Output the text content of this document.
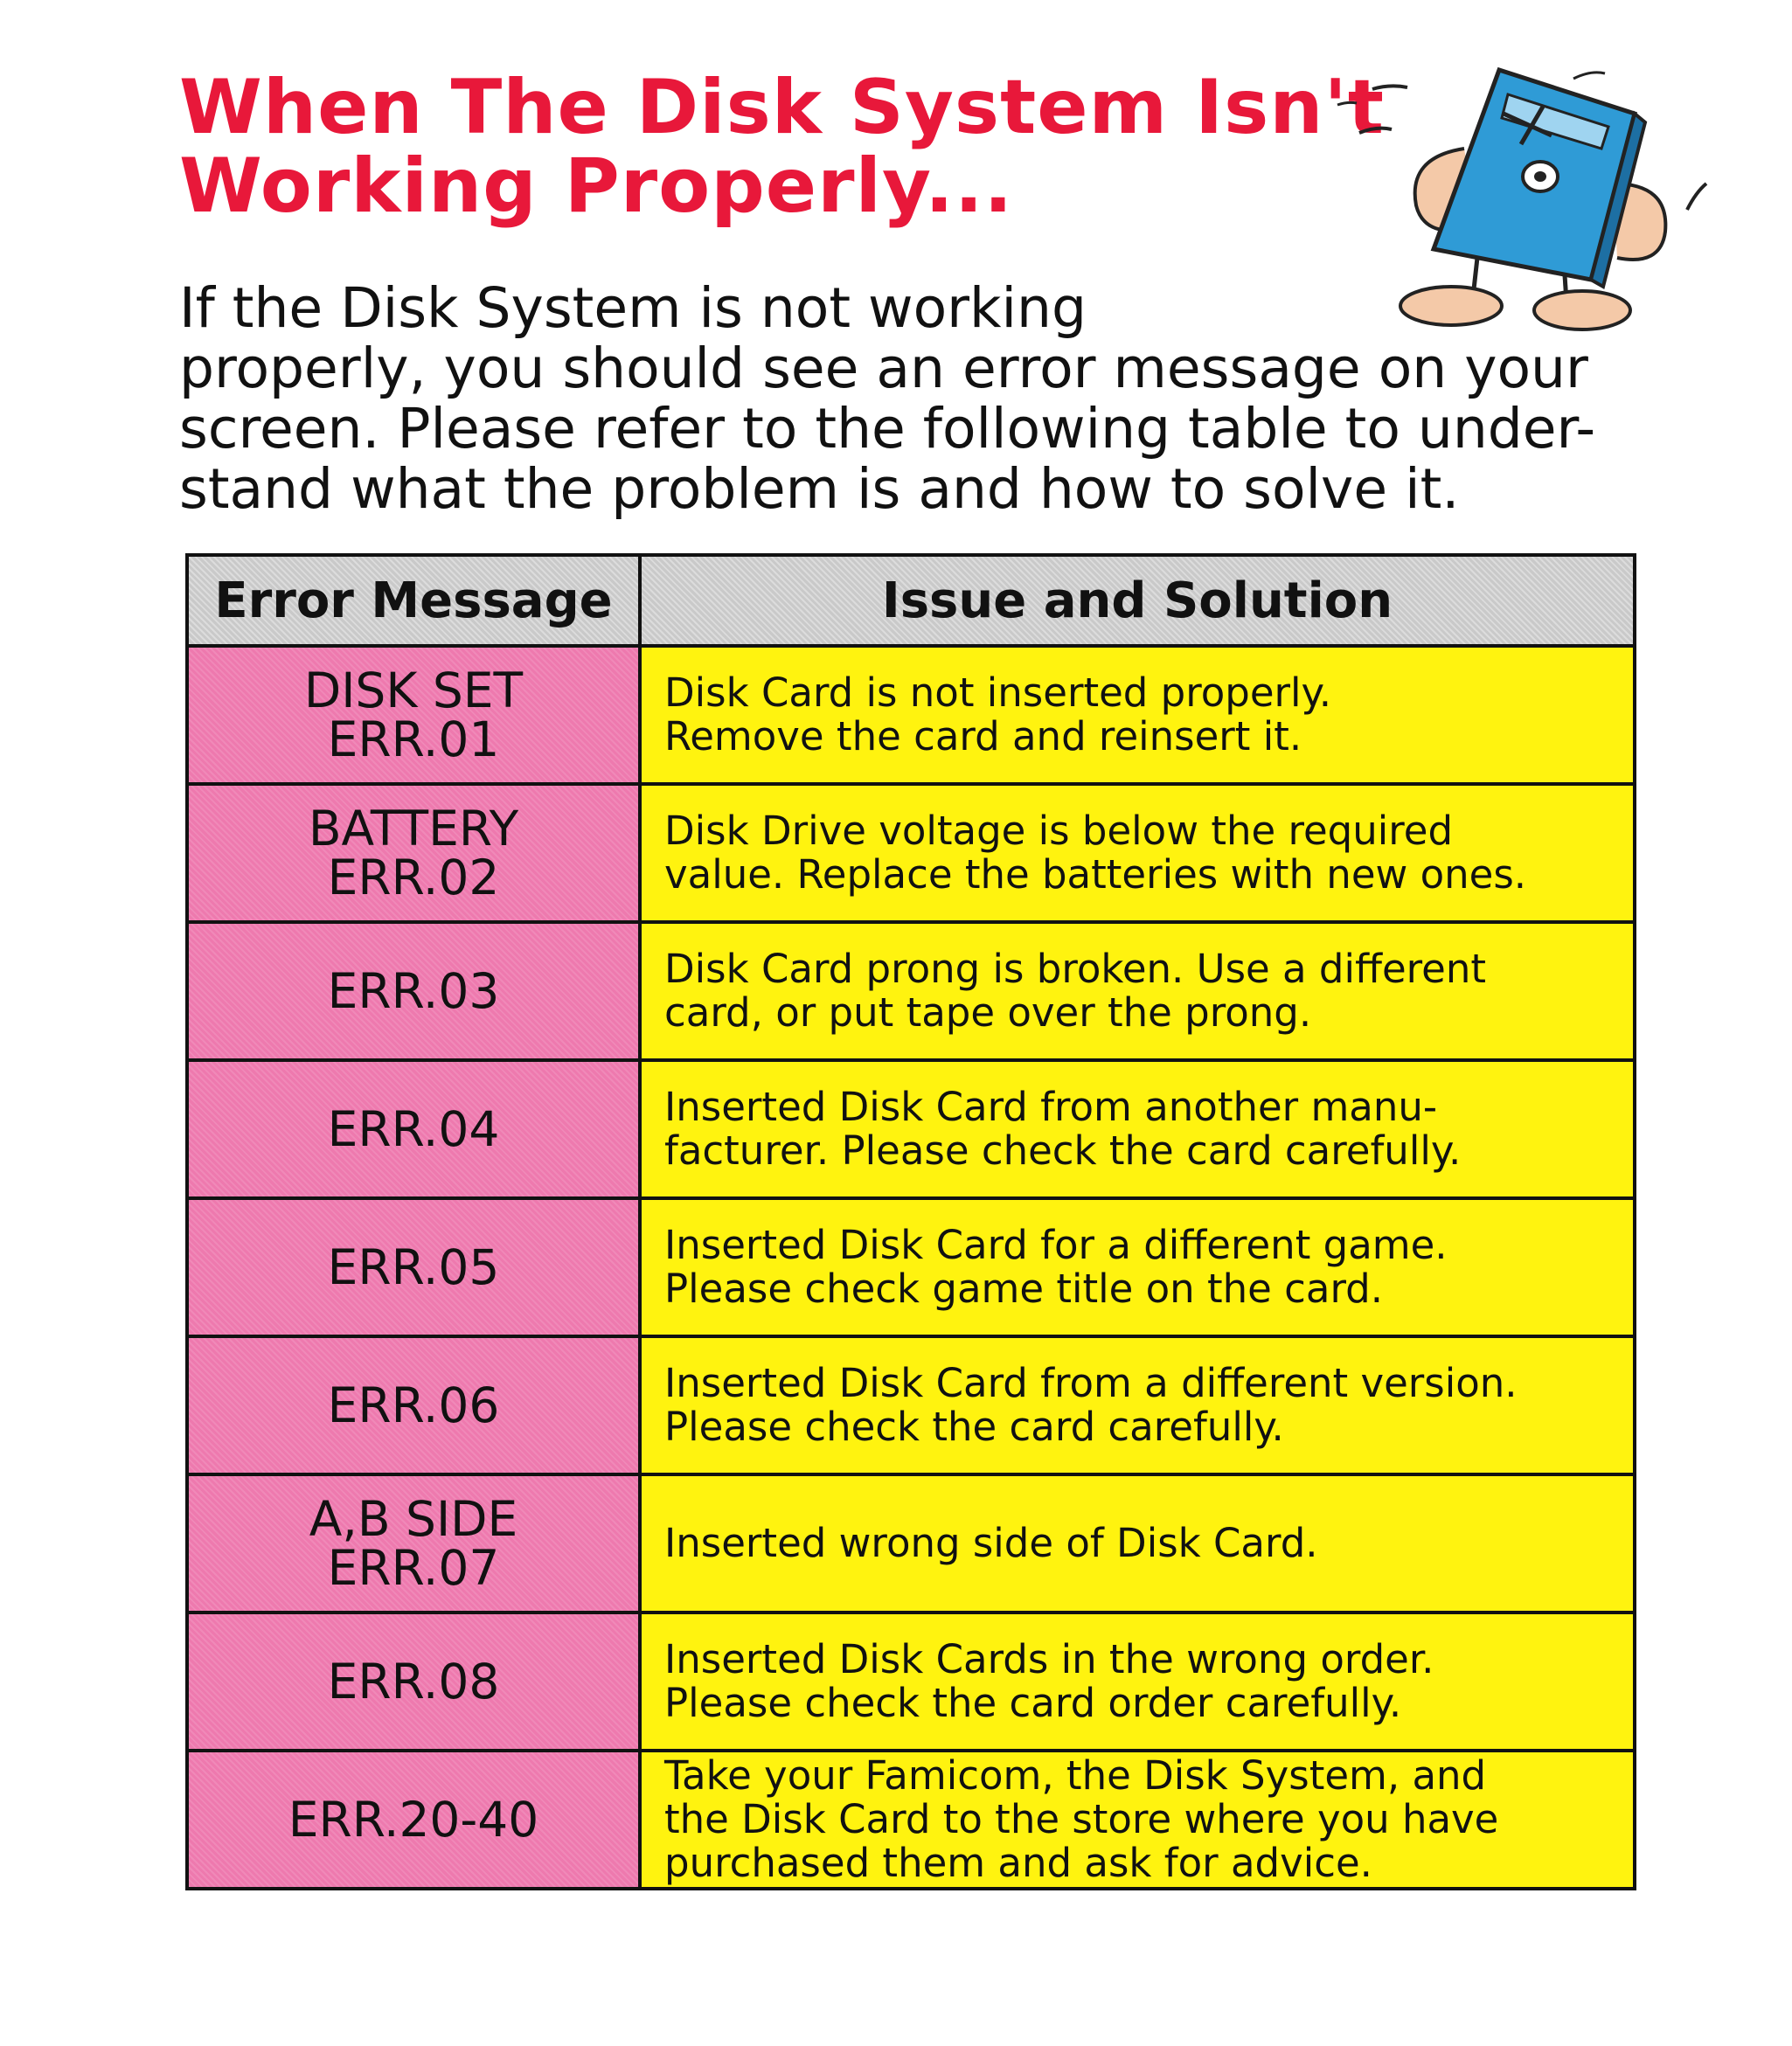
When The Disk System Isn't
Working Properly...

If the Disk System is not working
properly, you should see an error message on your
screen. Please refer to the following table to under-
stand what the problem is and how to solve it.

Error Message	Issue and Solution

DISK SET
ERR.01	Disk Card is not inserted properly.
Remove the card and reinsert it.

BATTERY
ERR.02	Disk Drive voltage is below the required
value. Replace the batteries with new ones.

ERR.03	Disk Card prong is broken. Use a different
card, or put tape over the prong.

ERR.04	Inserted Disk Card from another manu-
facturer. Please check the card carefully.

ERR.05	Inserted Disk Card for a different game.
Please check game title on the card.

ERR.06	Inserted Disk Card from a different version.
Please check the card carefully.

A,B SIDE
ERR.07	Inserted wrong side of Disk Card.

ERR.08	Inserted Disk Cards in the wrong order.
Please check the card order carefully.

ERR.20-40	Take your Famicom, the Disk System, and
the Disk Card to the store where you have
purchased them and ask for advice.
